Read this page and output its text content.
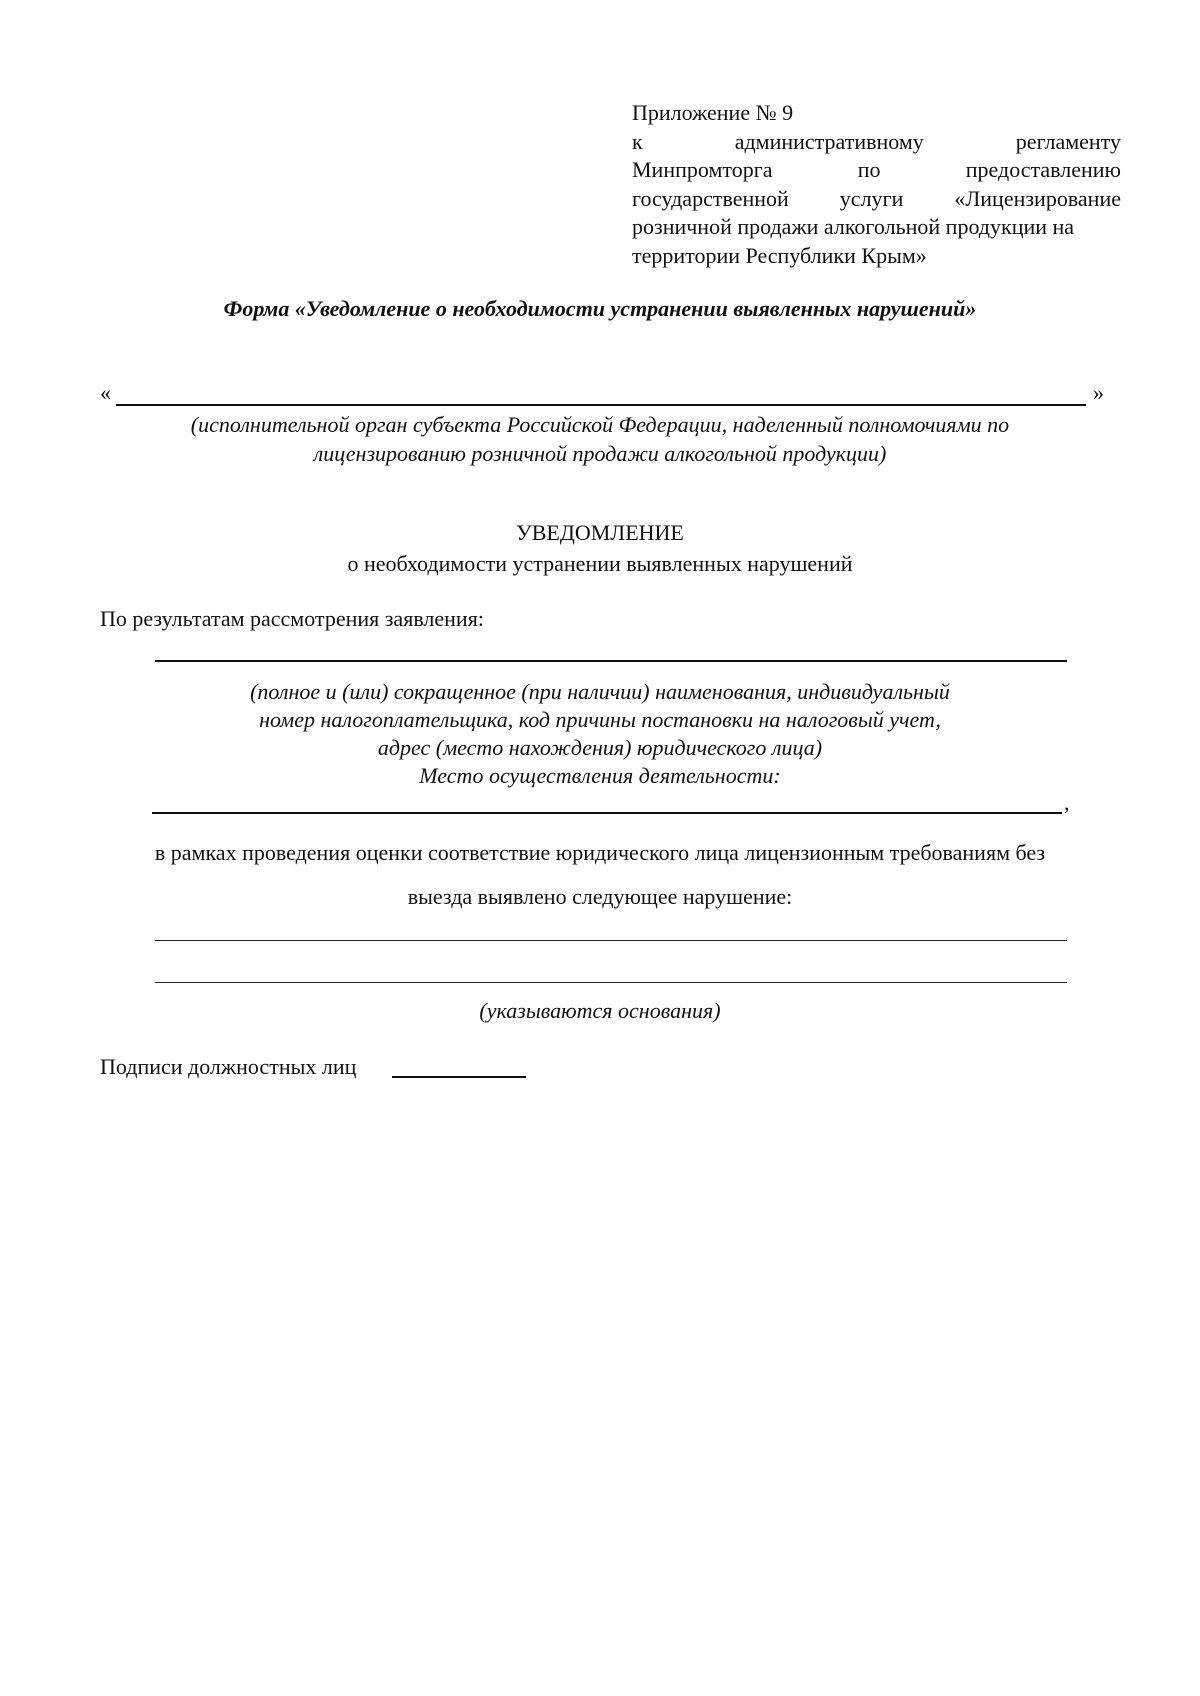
Приложение № 9
к административному регламенту
Минпромторга по предоставлению
государственной услуги «Лицензирование
розничной продажи алкогольной продукции на
территории Республики Крым»
Форма «Уведомление о необходимости устранении выявленных нарушений»
«	»
(исполнительной орган субъекта Российской Федерации, наделенный полномочиями по
лицензированию розничной продажи алкогольной продукции)
УВЕДОМЛЕНИЕ
о необходимости устранении выявленных нарушений
По результатам рассмотрения заявления:
(полное и (или) сокращенное (при наличии) наименования, индивидуальный
номер налогоплательщика, код причины постановки на налоговый учет,
адрес (место нахождения) юридического лица)
Место осуществления деятельности:
,
в рамках проведения оценки соответствие юридического лица лицензионным требованиям без
выезда выявлено следующее нарушение:
(указываются основания)
Подписи должностных лиц
